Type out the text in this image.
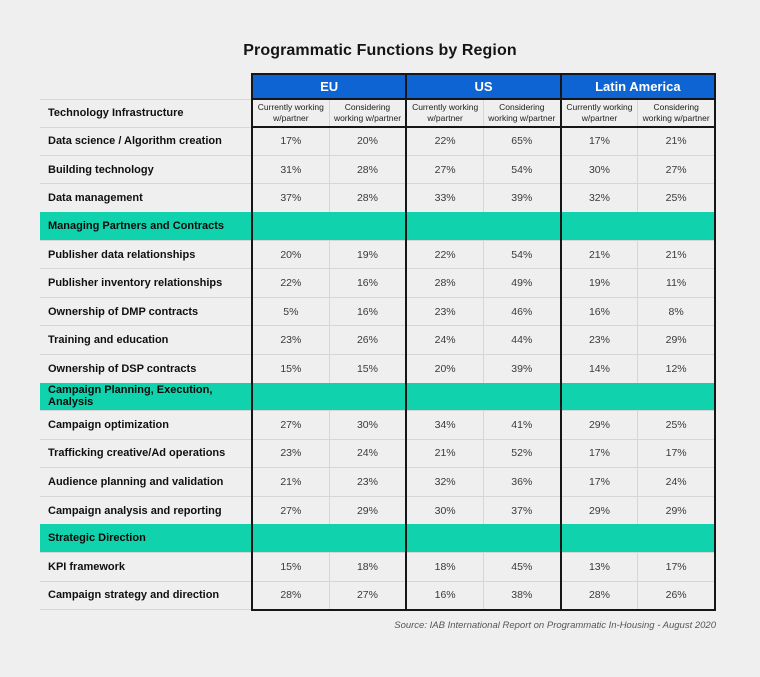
Programmatic Functions by Region
	EU		US		Latin America	
Technology Infrastructure	Currently working w/partner	Considering working w/partner	Currently working w/partner	Considering working w/partner	Currently working w/partner	Considering working w/partner
Data science / Algorithm creation	17%	20%	22%	65%	17%	21%
Building technology	31%	28%	27%	54%	30%	27%
Data management	37%	28%	33%	39%	32%	25%
Managing Partners and Contracts						
Publisher data relationships	20%	19%	22%	54%	21%	21%
Publisher inventory relationships	22%	16%	28%	49%	19%	11%
Ownership of DMP contracts	5%	16%	23%	46%	16%	8%
Training and education	23%	26%	24%	44%	23%	29%
Ownership of DSP contracts	15%	15%	20%	39%	14%	12%
Campaign Planning, Execution, Analysis						
Campaign optimization	27%	30%	34%	41%	29%	25%
Trafficking creative/Ad operations	23%	24%	21%	52%	17%	17%
Audience planning and validation	21%	23%	32%	36%	17%	24%
Campaign analysis and reporting	27%	29%	30%	37%	29%	29%
Strategic Direction						
KPI framework	15%	18%	18%	45%	13%	17%
Campaign strategy and direction	28%	27%	16%	38%	28%	26%
Source: IAB International Report on Programmatic In-Housing - August 2020
